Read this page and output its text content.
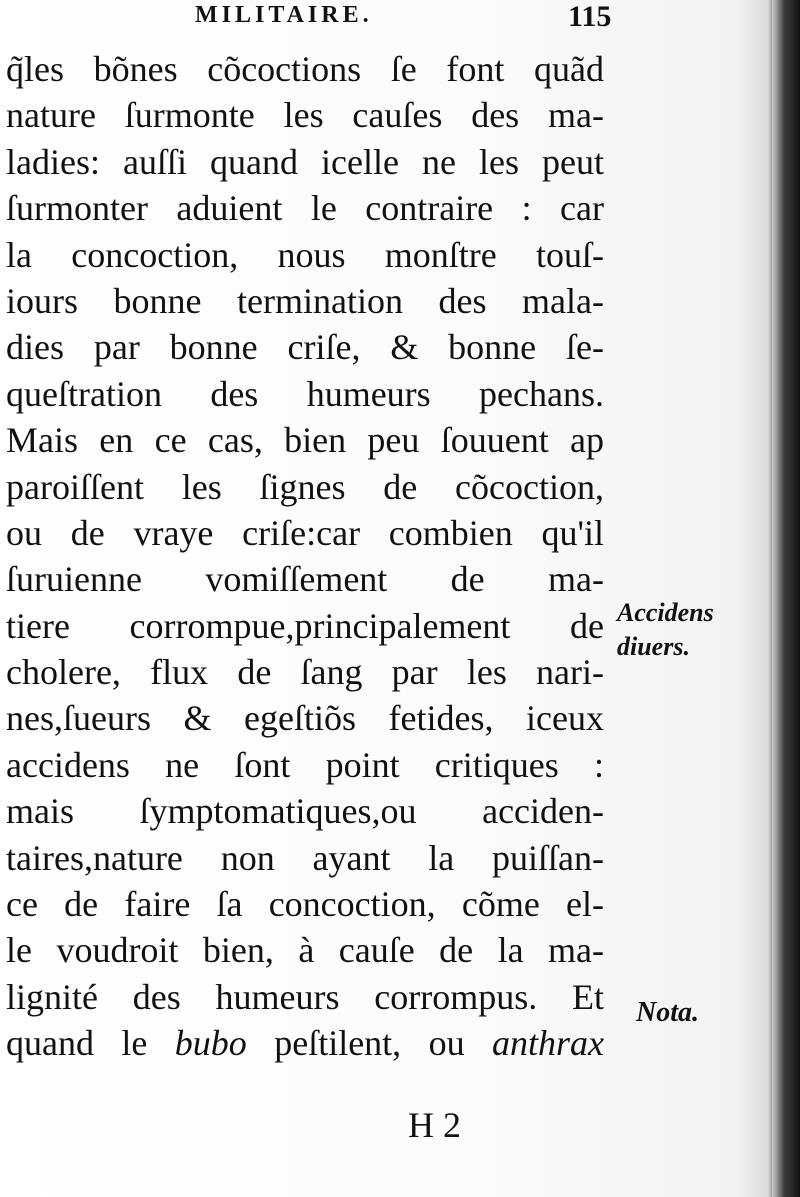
MILITAIRE.	115
q̃les bõnes cõcoctions ſe font quãd
nature ſurmonte les cauſes des ma-
ladies: auſſi quand icelle ne les peut
ſurmonter aduient le contraire : car
la concoction, nous monſtre touſ-
iours bonne termination des mala-
dies par bonne criſe, & bonne ſe-
queſtration des humeurs pechans.
Mais en ce cas, bien peu ſouuent ap
paroiſſent les ſignes de cõcoction,
ou de vraye criſe:car combien qu'il
ſuruienne vomiſſement de ma-
tiere corrompue,principalement de
cholere, flux de ſang par les nari-
nes,ſueurs & egeſtiõs fetides, iceux
accidens ne ſont point critiques :
mais ſymptomatiques,ou acciden-
taires,nature non ayant la puiſſan-
ce de faire ſa concoction, cõme el-
le voudroit bien, à cauſe de la ma-
lignité des humeurs corrompus. Et
quand le bubo peſtilent, ou anthrax
Accidens
diuers.
Nota.
H 2
